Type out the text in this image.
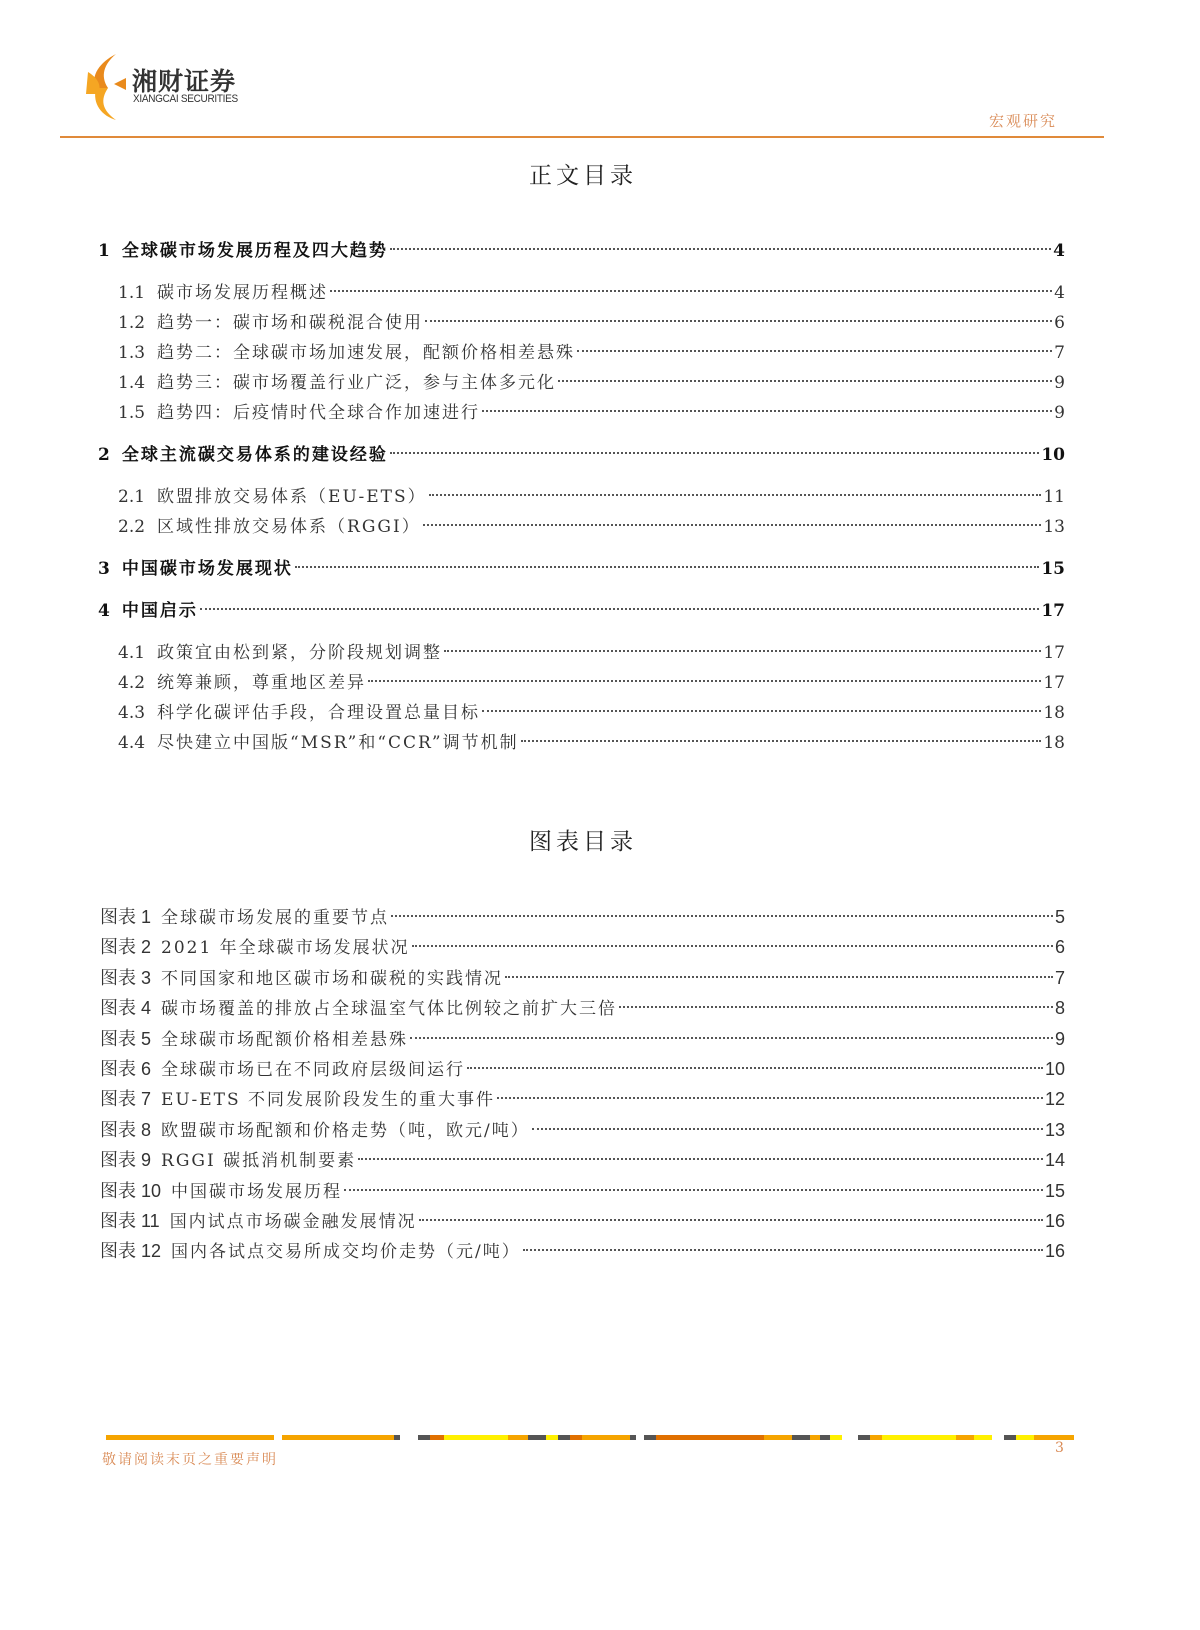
湘财证券
XIANGCAI SECURITIES
宏观研究
正文目录
1 全球碳市场发展历程及四大趋势	4
1.1 碳市场发展历程概述	4
1.2 趋势一：碳市场和碳税混合使用	6
1.3 趋势二：全球碳市场加速发展，配额价格相差悬殊	7
1.4 趋势三：碳市场覆盖行业广泛，参与主体多元化	9
1.5 趋势四：后疫情时代全球合作加速进行	9
2 全球主流碳交易体系的建设经验	10
2.1 欧盟排放交易体系（EU-ETS）	11
2.2 区域性排放交易体系（RGGI）	13
3 中国碳市场发展现状	15
4 中国启示	17
4.1 政策宜由松到紧，分阶段规划调整	17
4.2 统筹兼顾，尊重地区差异	17
4.3 科学化碳评估手段，合理设置总量目标	18
4.4 尽快建立中国版“MSR”和“CCR”调节机制	18
图表目录
图表 1 全球碳市场发展的重要节点	5
图表 2 2021 年全球碳市场发展状况	6
图表 3 不同国家和地区碳市场和碳税的实践情况	7
图表 4 碳市场覆盖的排放占全球温室气体比例较之前扩大三倍	8
图表 5 全球碳市场配额价格相差悬殊	9
图表 6 全球碳市场已在不同政府层级间运行	10
图表 7 EU-ETS 不同发展阶段发生的重大事件	12
图表 8 欧盟碳市场配额和价格走势（吨，欧元/吨）	13
图表 9 RGGI 碳抵消机制要素	14
图表 10 中国碳市场发展历程	15
图表 11 国内试点市场碳金融发展情况	16
图表 12 国内各试点交易所成交均价走势（元/吨）	16
敬请阅读末页之重要声明
3
